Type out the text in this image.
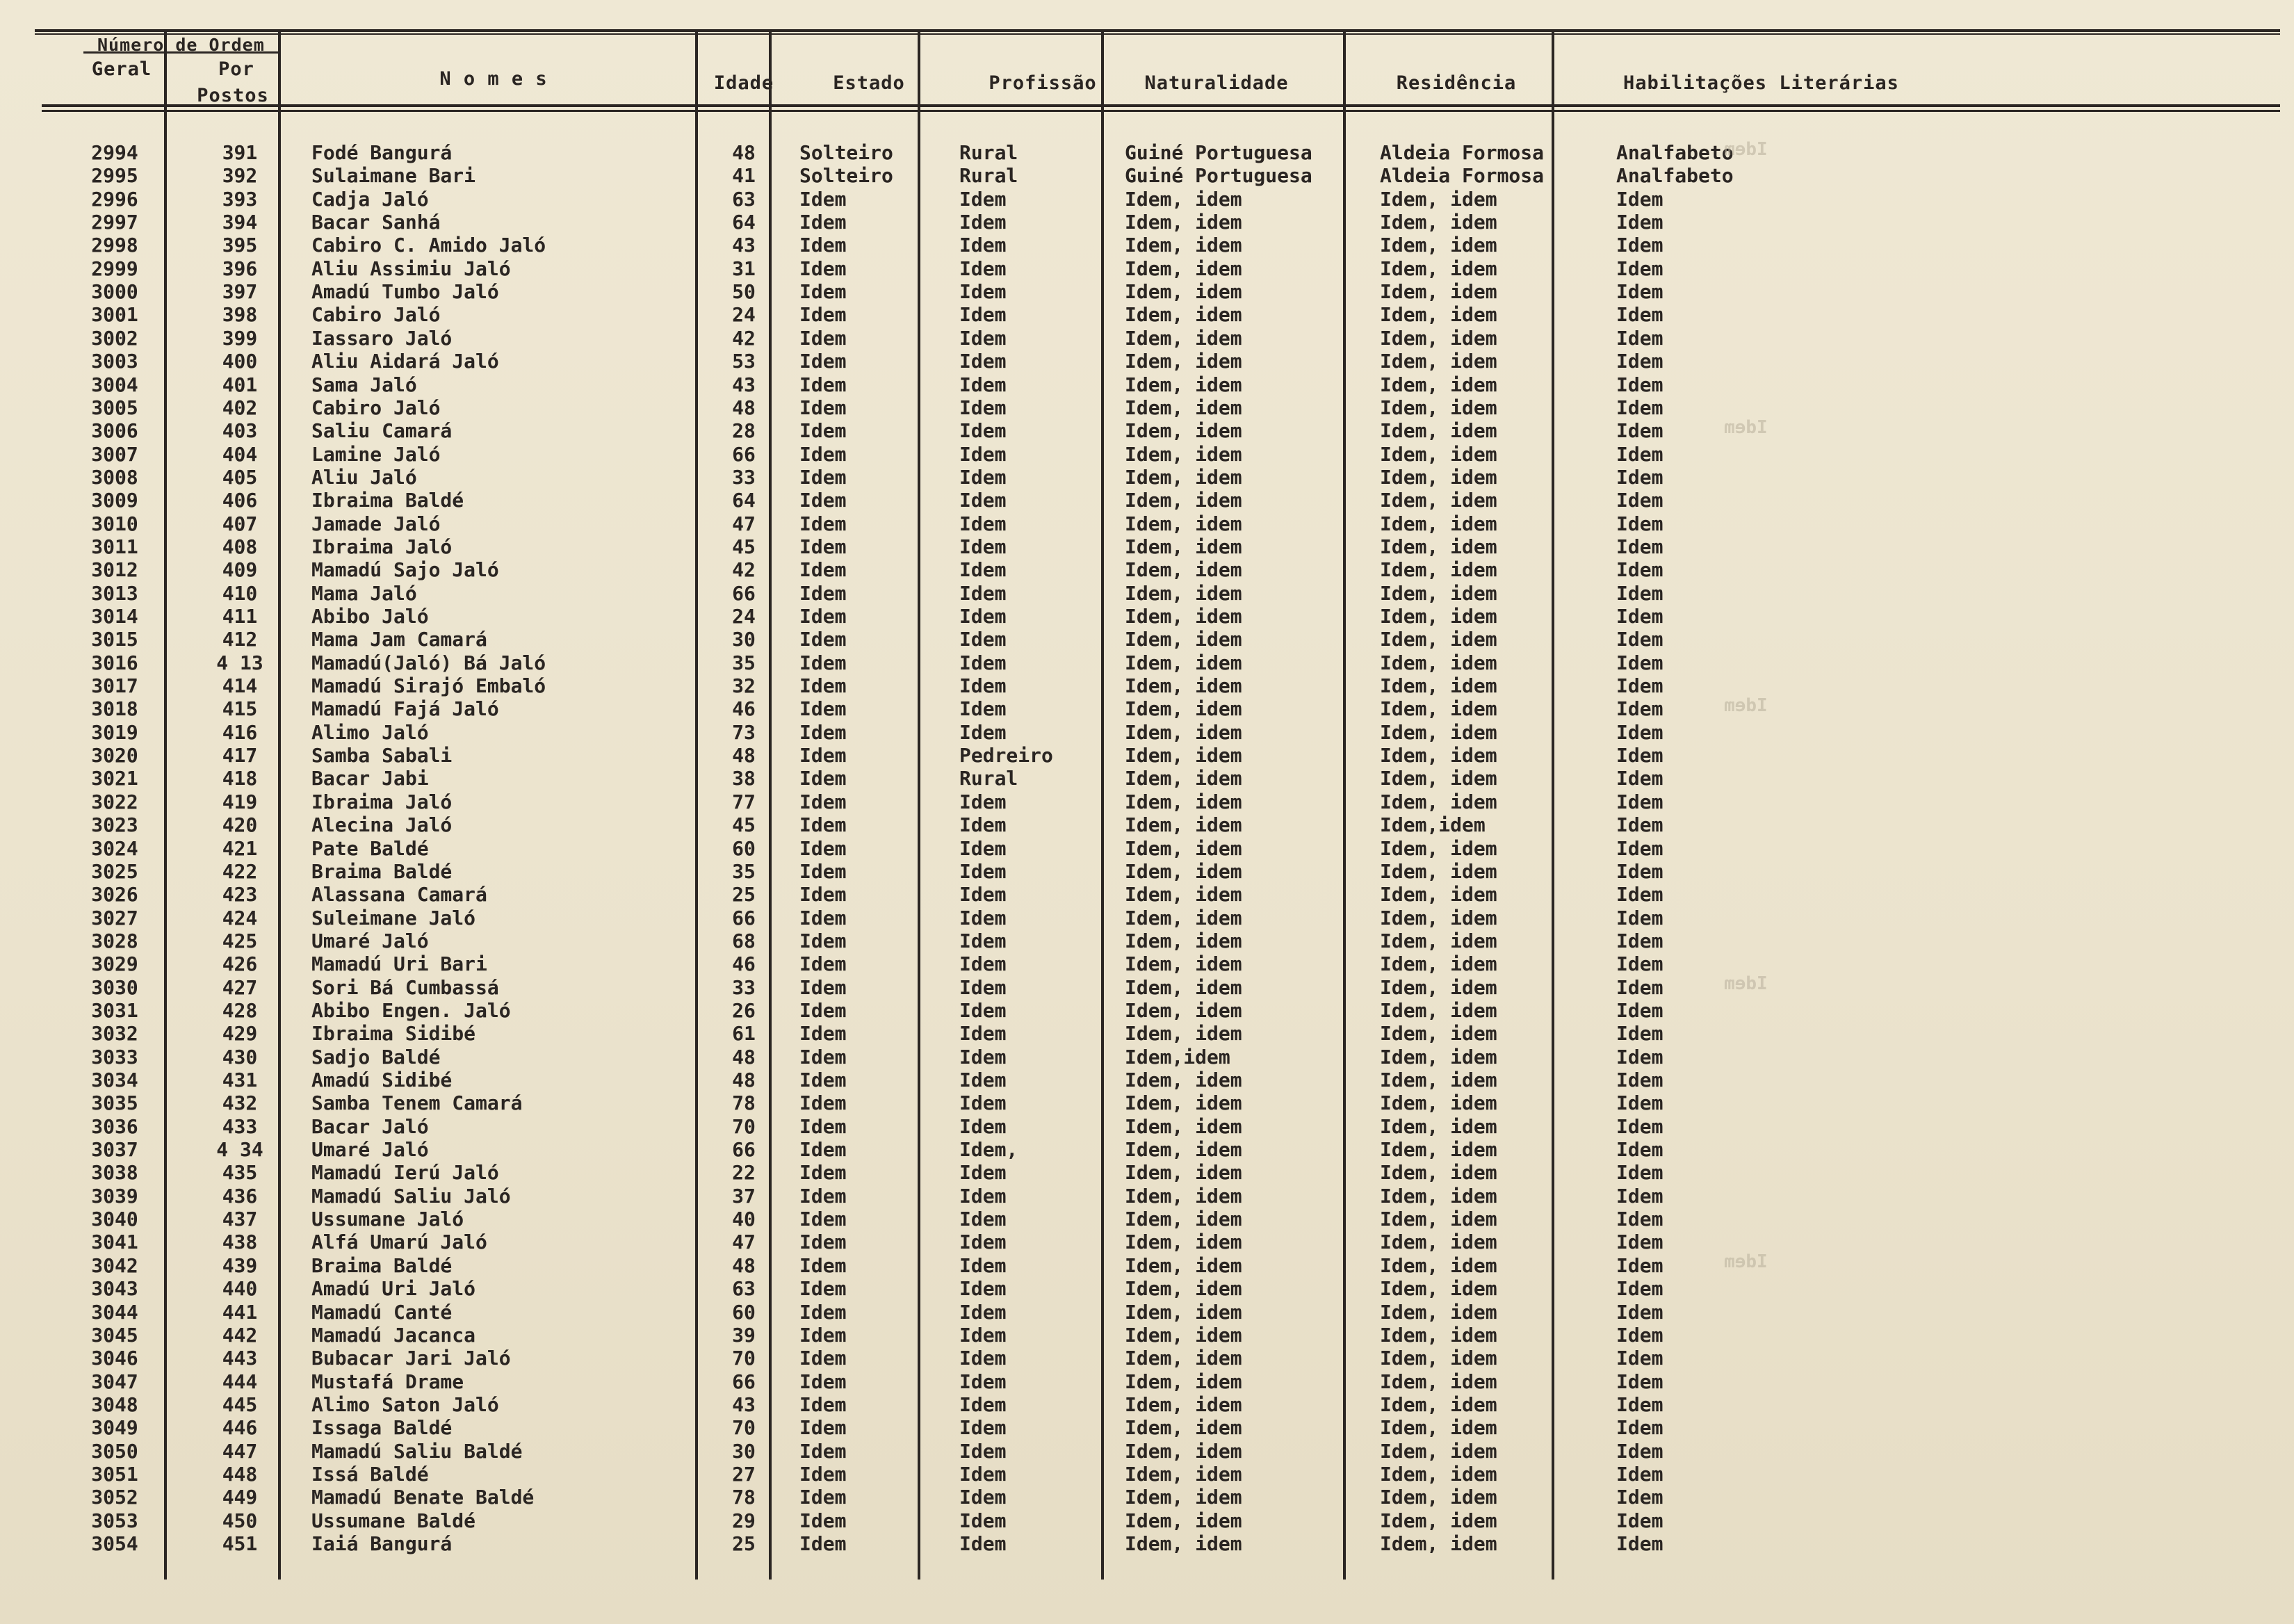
Número de Ordem
Geral	Por
Postos
N o m e s	Idade	Estado	Profissão	Naturalidade	Residência	Habilitações Literárias
2994	391	Fodé Bangurá	48	Solteiro	Rural	Guiné Portuguesa	Aldeia Formosa	Analfabeto
2995	392	Sulaimane Bari	41	Solteiro	Rural	Guiné Portuguesa	Aldeia Formosa	Analfabeto
2996	393	Cadja Jaló	63	Idem	Idem	Idem, idem	Idem, idem	Idem
2997	394	Bacar Sanhá	64	Idem	Idem	Idem, idem	Idem, idem	Idem
2998	395	Cabiro C. Amido Jaló	43	Idem	Idem	Idem, idem	Idem, idem	Idem
2999	396	Aliu Assimiu Jaló	31	Idem	Idem	Idem, idem	Idem, idem	Idem
3000	397	Amadú Tumbo Jaló	50	Idem	Idem	Idem, idem	Idem, idem	Idem
3001	398	Cabiro Jaló	24	Idem	Idem	Idem, idem	Idem, idem	Idem
3002	399	Iassaro Jaló	42	Idem	Idem	Idem, idem	Idem, idem	Idem
3003	400	Aliu Aidará Jaló	53	Idem	Idem	Idem, idem	Idem, idem	Idem
3004	401	Sama Jaló	43	Idem	Idem	Idem, idem	Idem, idem	Idem
3005	402	Cabiro Jaló	48	Idem	Idem	Idem, idem	Idem, idem	Idem
3006	403	Saliu Camará	28	Idem	Idem	Idem, idem	Idem, idem	Idem
3007	404	Lamine Jaló	66	Idem	Idem	Idem, idem	Idem, idem	Idem
3008	405	Aliu Jaló	33	Idem	Idem	Idem, idem	Idem, idem	Idem
3009	406	Ibraima Baldé	64	Idem	Idem	Idem, idem	Idem, idem	Idem
3010	407	Jamade Jaló	47	Idem	Idem	Idem, idem	Idem, idem	Idem
3011	408	Ibraima Jaló	45	Idem	Idem	Idem, idem	Idem, idem	Idem
3012	409	Mamadú Sajo Jaló	42	Idem	Idem	Idem, idem	Idem, idem	Idem
3013	410	Mama Jaló	66	Idem	Idem	Idem, idem	Idem, idem	Idem
3014	411	Abibo Jaló	24	Idem	Idem	Idem, idem	Idem, idem	Idem
3015	412	Mama Jam Camará	30	Idem	Idem	Idem, idem	Idem, idem	Idem
3016	4 13	Mamadú(Jaló) Bá Jaló	35	Idem	Idem	Idem, idem	Idem, idem	Idem
3017	414	Mamadú Sirajó Embaló	32	Idem	Idem	Idem, idem	Idem, idem	Idem
3018	415	Mamadú Fajá Jaló	46	Idem	Idem	Idem, idem	Idem, idem	Idem
3019	416	Alimo Jaló	73	Idem	Idem	Idem, idem	Idem, idem	Idem
3020	417	Samba Sabali	48	Idem	Pedreiro	Idem, idem	Idem, idem	Idem
3021	418	Bacar Jabi	38	Idem	Rural	Idem, idem	Idem, idem	Idem
3022	419	Ibraima Jaló	77	Idem	Idem	Idem, idem	Idem, idem	Idem
3023	420	Alecina Jaló	45	Idem	Idem	Idem, idem	Idem,idem	Idem
3024	421	Pate Baldé	60	Idem	Idem	Idem, idem	Idem, idem	Idem
3025	422	Braima Baldé	35	Idem	Idem	Idem, idem	Idem, idem	Idem
3026	423	Alassana Camará	25	Idem	Idem	Idem, idem	Idem, idem	Idem
3027	424	Suleimane Jaló	66	Idem	Idem	Idem, idem	Idem, idem	Idem
3028	425	Umaré Jaló	68	Idem	Idem	Idem, idem	Idem, idem	Idem
3029	426	Mamadú Uri Bari	46	Idem	Idem	Idem, idem	Idem, idem	Idem
3030	427	Sori Bá Cumbassá	33	Idem	Idem	Idem, idem	Idem, idem	Idem
3031	428	Abibo Engen. Jaló	26	Idem	Idem	Idem, idem	Idem, idem	Idem
3032	429	Ibraima Sidibé	61	Idem	Idem	Idem, idem	Idem, idem	Idem
3033	430	Sadjo Baldé	48	Idem	Idem	Idem,idem	Idem, idem	Idem
3034	431	Amadú Sidibé	48	Idem	Idem	Idem, idem	Idem, idem	Idem
3035	432	Samba Tenem Camará	78	Idem	Idem	Idem, idem	Idem, idem	Idem
3036	433	Bacar Jaló	70	Idem	Idem	Idem, idem	Idem, idem	Idem
3037	4 34	Umaré Jaló	66	Idem	Idem,	Idem, idem	Idem, idem	Idem
3038	435	Mamadú Ierú Jaló	22	Idem	Idem	Idem, idem	Idem, idem	Idem
3039	436	Mamadú Saliu Jaló	37	Idem	Idem	Idem, idem	Idem, idem	Idem
3040	437	Ussumane Jaló	40	Idem	Idem	Idem, idem	Idem, idem	Idem
3041	438	Alfá Umarú Jaló	47	Idem	Idem	Idem, idem	Idem, idem	Idem
3042	439	Braima Baldé	48	Idem	Idem	Idem, idem	Idem, idem	Idem
3043	440	Amadú Uri Jaló	63	Idem	Idem	Idem, idem	Idem, idem	Idem
3044	441	Mamadú Canté	60	Idem	Idem	Idem, idem	Idem, idem	Idem
3045	442	Mamadú Jacanca	39	Idem	Idem	Idem, idem	Idem, idem	Idem
3046	443	Bubacar Jari Jaló	70	Idem	Idem	Idem, idem	Idem, idem	Idem
3047	444	Mustafá Drame	66	Idem	Idem	Idem, idem	Idem, idem	Idem
3048	445	Alimo Saton Jaló	43	Idem	Idem	Idem, idem	Idem, idem	Idem
3049	446	Issaga Baldé	70	Idem	Idem	Idem, idem	Idem, idem	Idem
3050	447	Mamadú Saliu Baldé	30	Idem	Idem	Idem, idem	Idem, idem	Idem
3051	448	Issá Baldé	27	Idem	Idem	Idem, idem	Idem, idem	Idem
3052	449	Mamadú Benate Baldé	78	Idem	Idem	Idem, idem	Idem, idem	Idem
3053	450	Ussumane Baldé	29	Idem	Idem	Idem, idem	Idem, idem	Idem
3054	451	Iaiá Bangurá	25	Idem	Idem	Idem, idem	Idem, idem	Idem
Idem
Idem
Idem
Idem
Idem
